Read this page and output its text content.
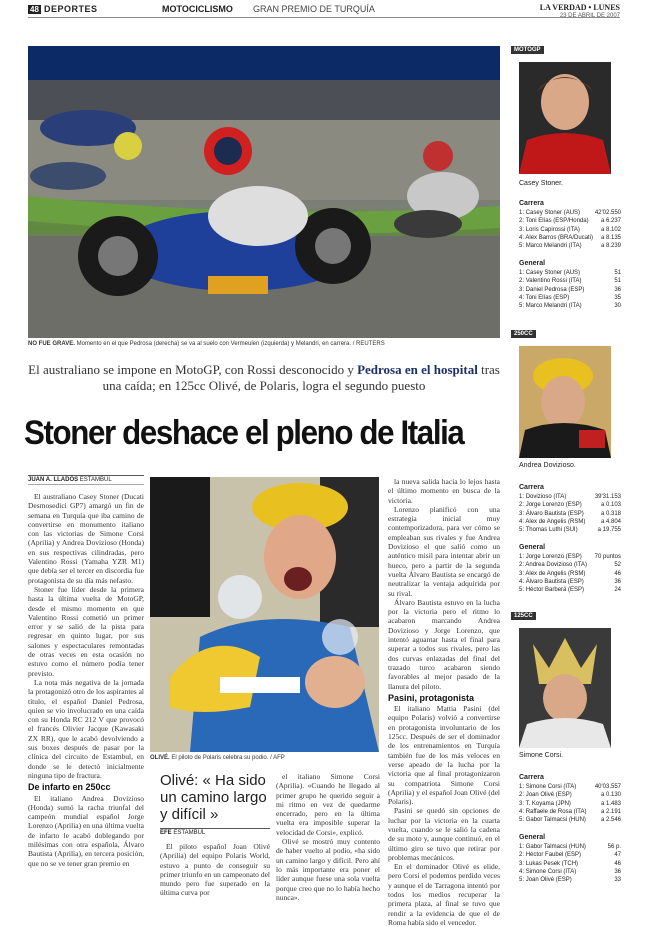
48 DEPORTES	MOTOCICLISMO GRAN PREMIO DE TURQUÍA	LA VERDAD • LUNES
23 DE ABRIL DE 2007
NO FUE GRAVE. Momento en el que Pedrosa (derecha) se va al suelo con Vermeulen (izquierda) y Melandri, en carrera. / REUTERS
El australiano se impone en MotoGP, con Rossi desconocido y Pedrosa en el hospital tras una caída; en 125cc Olivé, de Polaris, logra el segundo puesto
Stoner deshace el pleno de Italia
JUAN A. LLADÓS ESTAMBUL

El australiano Casey Stoner (Ducati Desmosedici GP7) amargó un fin de semana en Turquía que iba camino de convertirse en monumento italiano con las victorias de Simone Corsi (Aprilia) y Andrea Dovizioso (Honda) en sus respectivas cilindradas, pero Valentino Rossi (Yamaha YZR M1) que debía ser el tercer en discordia fue protagonista de su día más nefasto.

Stoner fue líder desde la primera hasta la última vuelta de MotoGP, desde el mismo momento en que Valentino Rossi cometió un primer error y se salió de la pista para regresar en quinto lugar, por sus salones y espectaculares remontadas de otras veces en esta ocasión no estuvo como el número podía tener previsto.

La nota más negativa de la jornada la protagonizó otro de los aspirantes al título, el español Daniel Pedrosa, quien se vio involucrado en una caída con su Honda RC 212 V que provocó el francés Olivier Jacque (Kawasaki ZX RR), que le acabó devolviendo a sus boxes después de pasar por la clínica del circuito de Estambul, en donde se le detectó inicialmente ninguna tipo de fractura.

De infarto en 250cc

El italiano Andrea Dovizioso (Honda) sumó la racha triunfal del campeón mundial español Jorge Lorenzo (Aprilia) en una última vuelta de infarto le acabó doblegando por milésimas con otra española, Álvaro Bautista (Aprilia), en tercera posición, que no se ve tener gran premio en

OLIVÉ. El piloto de Polaris celebra su podio. / AFP
Olivé: « Ha sido un camino largo y difícil »
EFE ESTAMBUL

El piloto español Joan Olivé (Aprilia) del equipo Polaris World, estuvo a punto de conseguir su primer triunfo en un campeonato del mundo pero fue superado en la última curva por

el italiano Simone Corsi (Aprilia). «Cuando he llegado al primer grupo he querido seguir a mi ritmo en vez de quedarme encerrado, pero en la última vuelta era imposible superar la velocidad de Corsi», explicó.

Olivé se mostró muy contento de haber vuelto al podio, «ha sido un camino largo y difícil. Pero ahí lo más importante era poner el líder aunque fuese una sola vuelta porque creo que no lo había hecho nunca».

la nueva salida hacia lo lejos hasta el último momento en busca de la victoria.

Lorenzo planificó con una estrategia inicial muy contemporizadora, para ver cómo se empleaban sus rivales y fue Andrea Dovizioso el que salió como un auténtico misil para intentar abrir un hueco, pero a partir de la segunda vuelta Álvaro Bautista se encargó de neutralizar la ventaja adquirida por su rival.

Álvaro Bautista estuvo en la lucha por la victoria pero el ritmo lo acabaron marcando Andrea Dovizioso y Jorge Lorenzo, que intentó aguantar hasta el final para superar a todos sus rivales, pero las dos curvas enlazadas del final del trazado turco acabaron siendo favorables al mejor pasado de la llanura del piloto.

Pasini, protagonista

El italiano Mattia Pasini (del equipo Polaris) volvió a convertirse en protagonista involuntario de los 125cc. Después de ser el dominador de los entrenamientos en Turquía también fue de los más veloces en verse apeado de la lucha por la victoria que al final protagonizaron su compatriota Simone Corsi (Aprilia) y el español Joan Olivé (del Polaris).

Pasini se quedó sin opciones de luchar por la victoria en la cuarta vuelta, cuando se le salió la cadena de su moto y, aunque continuó, en el último giro se tuvo que retirar por problemas mecánicos.

En el dominador Olivé es elide, pero Corsi el podemos perdido veces y aunque el de Tarragona intentó por todos los medios recuperar la primera plaza, al final se tuvo que rendir a la evidencia de que el de Roma había sido el vencedor.

MOTOGP
Casey Stoner.
Carrera
1: Casey Stoner (AUS) 42'02.550
2: Toni Elías (ESP/Honda) a 6.237
3: Loris Capirossi (ITA)	a 8.102
4: Alex Barros (BRA/Ducati) a 8.135
5: Marco Melandri (ITA)	a 8.239
General
1: Casey Stoner (AUS)	51
2: Valentino Rossi (ITA)	51
3: Daniel Pedrosa (ESP)	36
4: Toni Elías (ESP)	35
5: Marco Melandri (ITA)	30
250CC
Andrea Dovizioso.
Carrera
1: Dovizioso (ITA)	39'31.153
2: Jorge Lorenzo (ESP)	a 0.103
3: Álvaro Bautista (ESP)	a 0.318
4: Alex de Angelis (RSM)	a 4.804
5: Thomas Luthi (SUI)	a 19.755
General
1: Jorge Lorenzo (ESP) 70 puntos
2: Andrea Dovizioso (ITA)	52
3: Alex de Angelis (RSM)	46
4: Álvaro Bautista (ESP)	36
5: Héctor Barberá (ESP)	24
125CC
Simone Corsi.
Carrera
1: Simone Corsi (ITA)	40'03.557
2: Joan Olivé (ESP)	a 0.130
3: T. Koyama (JPN)	a 1.483
4: Raffaele de Rosa (ITA) a 2.191
5: Gabor Talmacsi (HUN)	a 2.546
General
1: Gabor Talmacsi (HUN)	56 p.
2: Héctor Faubel (ESP)	47
3: Lukas Pesek (TCH)	46
4: Simone Corsi (ITA)	36
5: Joan Olivé (ESP)	33
